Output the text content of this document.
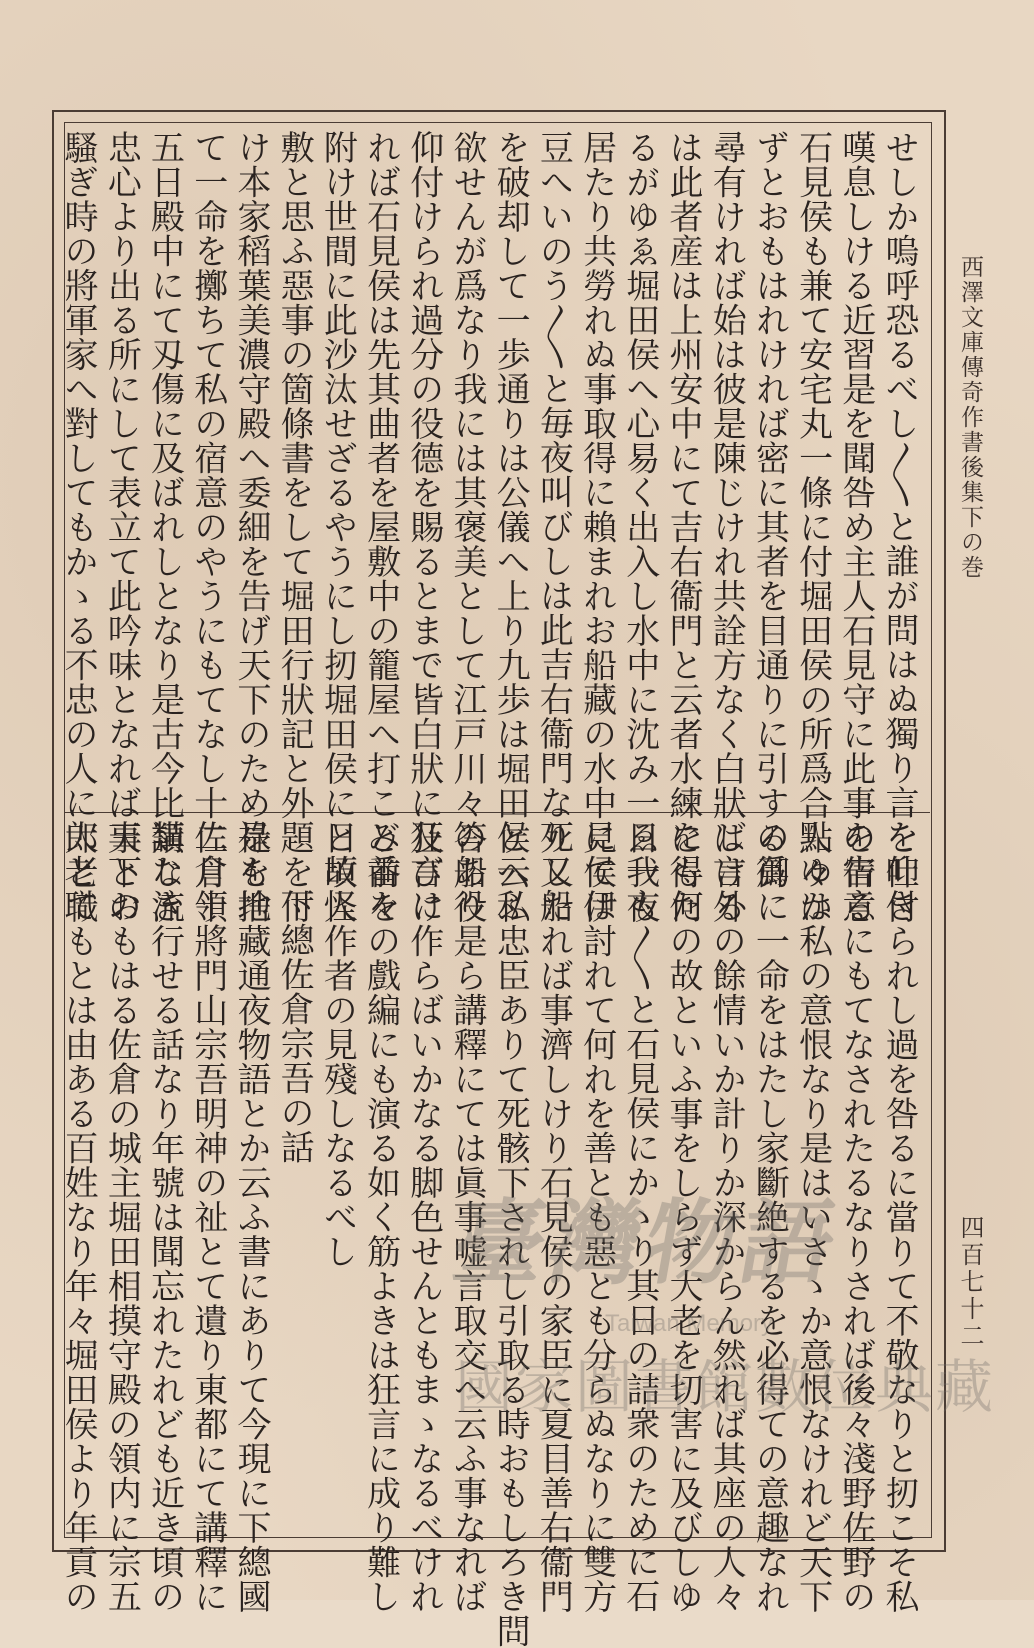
西澤文庫傳奇作書後集下の巻
四百七十二
せしか嗚呼恐るべし〳〵と誰が問はぬ獨り言を吐き
嘆息しける近習是を聞咎め主人石見守に此事を告る
石見侯も兼て安宅丸一條に付堀田侯の所爲合點ゆか
ずとおもはれければ密に其者を目通りに引する御
尋有ければ始は彼是陳じけれ共詮方なく白狀しける
は此者産は上州安中にて吉右衞門と云者水練を得た
るがゆゑ堀田侯へ心易く出入し水中に沈み一日一夜
居たり共勞れぬ事取得に賴まれお船藏の水中にて伊
豆へいのう〳〵と毎夜叫びしは此吉右衞門なり又船
を破却して一歩通りは公儀へ上り九歩は堀田侯へ私
欲せんが爲なり我には其褒美として江戸川々の船役
仰付けられ過分の役德を賜るとまで皆白狀に及びけ
れば石見侯は先其曲者を屋敷中の籠屋へ打こみ番を
附け世間に此沙汰せざるやうにし扨堀田侯に日頃怪
敷と思ふ惡事の箇條書をして堀田行狀記と外題を付
け本家稻葉美濃守殿へ委細を告げ天下のため祿を捨
て一命を擲ちて私の宿意のやうにもてなし十二月十
五日殿中にて刄傷に及ばれしとなり是古今比類なき
忠心より出る所にして表立て此吟味となれば天下の
騷ぎ時の將軍家へ對してもかゝる不忠の人に大老職
を仰付られし過を咎るに當りて不敬なりと扨こそ私
の宿意にもてなされたるなりされば後々淺野佐野の
人々は私の意恨なり是はいさゝか意恨なけれど天下
の爲に一命をはたし家斷絶するを必得ての意趣なれ
ば言外の餘情いか計りか深からん然れば其座の人々
にも何の故といふ事をしらず大老を切害に及びしゆ
ゑ我も〳〵と石見侯にかゝり其日の詰衆のために石
見侯は討れて何れを善とも惡とも分らぬなりに雙方
死したれば事濟しけり石見侯の家臣に夏目善右衞門
と云ふ忠臣ありて死骸下されし引取る時おもしろき問
答あり是ら講釋にては眞事嘘言取交へ云ふ事なれば
狂言に作らばいかなる脚色せんともまゝなるべけれ
ど前々の戲編にも演る如く筋よきは狂言に成り難し
と故人作者の見殘しなるべし
下總佐倉宗吾の話
是も地藏通夜物語とか云ふ書にありて今現に下總國
佐倉領將門山宗吾明神の祉とて遺り東都にて講釋に
講じ流行せる話なり年號は聞忘れたれども近き頃の
事とおもはる佐倉の城主堀田相摸守殿の領内に宗五
郎とてもとは由ある百姓なり年々堀田侯より年貢の	臺灣物語
Taiwan Memory
國家圖書館數位典藏
